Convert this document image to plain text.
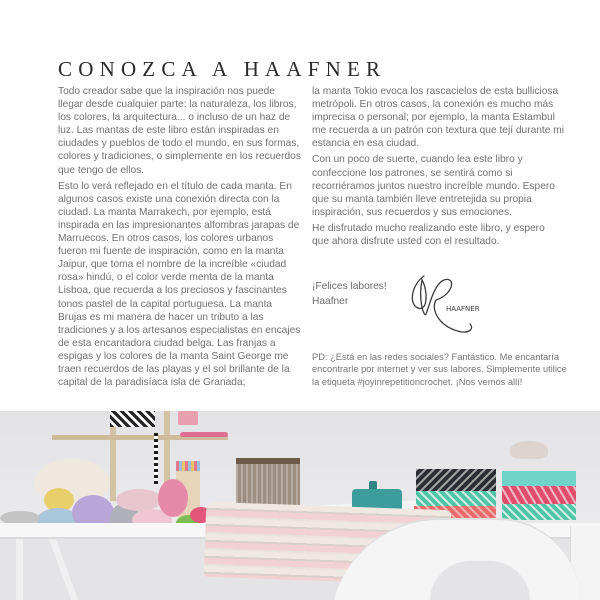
CONOZCA A HAAFNER

Todo creador sabe que la inspiración nos puede llegar desde cualquier parte: la naturaleza, los libros, los colores, la arquitectura... o incluso de un haz de luz. Las mantas de este libro están inspiradas en ciudades y pueblos de todo el mundo, en sus formas, colores y tradiciones, o simplemente en los recuerdos que tengo de ellos.

Esto lo verá reflejado en el título de cada manta. En algunos casos existe una conexión directa con la ciudad. La manta Marrakech, por ejemplo, está inspirada en las impresionantes alfombras jarapas de Marruecos. En otros casos, los colores urbanos fueron mi fuente de inspiración, como en la manta Jaipur, que toma el nombre de la increíble «ciudad rosa» hindú, o el color verde menta de la manta Lisboa, que recuerda a los preciosos y fascinantes tonos pastel de la capital portuguesa. La manta Brujas es mi manera de hacer un tributo a las tradiciones y a los artesanos especialistas en encajes de esta encantadora ciudad belga. Las franjas a espigas y los colores de la manta Saint George me traen recuerdos de las playas y el sol brillante de la capital de la paradisíaca isla de Granada;

la manta Tokio evoca los rascacielos de esta bulliciosa metrópoli. En otros casos, la conexión es mucho más imprecisa o personal; por ejemplo, la manta Estambul me recuerda a un patrón con textura que tejí durante mi estancia en esa ciudad.

Con un poco de suerte, cuando lea este libro y confeccione los patrones, se sentirá como si recorriéramos juntos nuestro increíble mundo. Espero que su manta también lleve entretejida su propia inspiración, sus recuerdos y sus emociones.

He disfrutado mucho realizando este libro, y espero que ahora disfrute usted con el resultado.

¡Felices labores!
Haafner
HAAFNER
PD: ¿Está en las redes sociales? Fantástico. Me encantaría encontrarle por internet y ver sus labores. Simplemente utilice la etiqueta #joyinrepetitioncrochet. ¡Nos vemos allí!
